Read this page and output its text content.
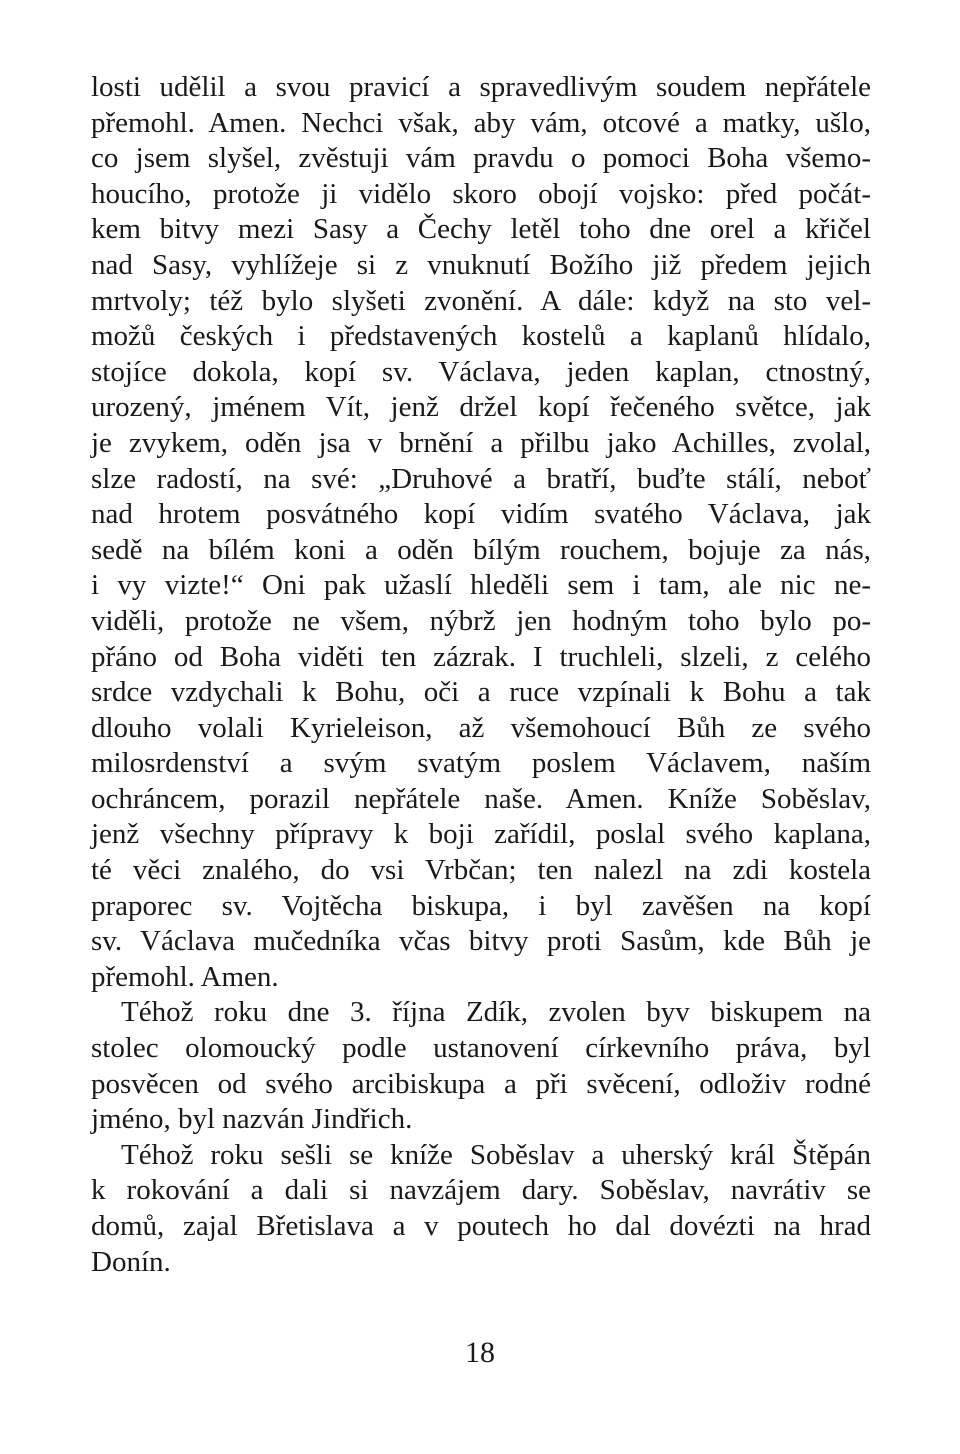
losti udělil a svou pravicí a spravedlivým soudem nepřátele
přemohl. Amen. Nechci však, aby vám, otcové a matky, ušlo,
co jsem slyšel, zvěstuji vám pravdu o pomoci Boha všemo-
houcího, protože ji vidělo skoro obojí vojsko: před počát-
kem bitvy mezi Sasy a Čechy letěl toho dne orel a křičel
nad Sasy, vyhlížeje si z vnuknutí Božího již předem jejich
mrtvoly; též bylo slyšeti zvonění. A dále: když na sto vel-
možů českých i představených kostelů a kaplanů hlídalo,
stojíce dokola, kopí sv. Václava, jeden kaplan, ctnostný,
urozený, jménem Vít, jenž držel kopí řečeného světce, jak
je zvykem, oděn jsa v brnění a přilbu jako Achilles, zvolal,
slze radostí, na své: „Druhové a bratří, buďte stálí, neboť
nad hrotem posvátného kopí vidím svatého Václava, jak
sedě na bílém koni a oděn bílým rouchem, bojuje za nás,
i vy vizte!“ Oni pak užaslí hleděli sem i tam, ale nic ne-
viděli, protože ne všem, nýbrž jen hodným toho bylo po-
přáno od Boha viděti ten zázrak. I truchleli, slzeli, z celého
srdce vzdychali k Bohu, oči a ruce vzpínali k Bohu a tak
dlouho volali Kyrieleison, až všemohoucí Bůh ze svého
milosrdenství a svým svatým poslem Václavem, naším
ochráncem, porazil nepřátele naše. Amen. Kníže Soběslav,
jenž všechny přípravy k boji zařídil, poslal svého kaplana,
té věci znalého, do vsi Vrbčan; ten nalezl na zdi kostela
praporec sv. Vojtěcha biskupa, i byl zavěšen na kopí
sv. Václava mučedníka včas bitvy proti Sasům, kde Bůh je
přemohl. Amen.
Téhož roku dne 3. října Zdík, zvolen byv biskupem na
stolec olomoucký podle ustanovení církevního práva, byl
posvěcen od svého arcibiskupa a při svěcení, odloživ rodné
jméno, byl nazván Jindřich.
Téhož roku sešli se kníže Soběslav a uherský král Štěpán
k rokování a dali si navzájem dary. Soběslav, navrátiv se
domů, zajal Břetislava a v poutech ho dal dovézti na hrad
Donín.
18
